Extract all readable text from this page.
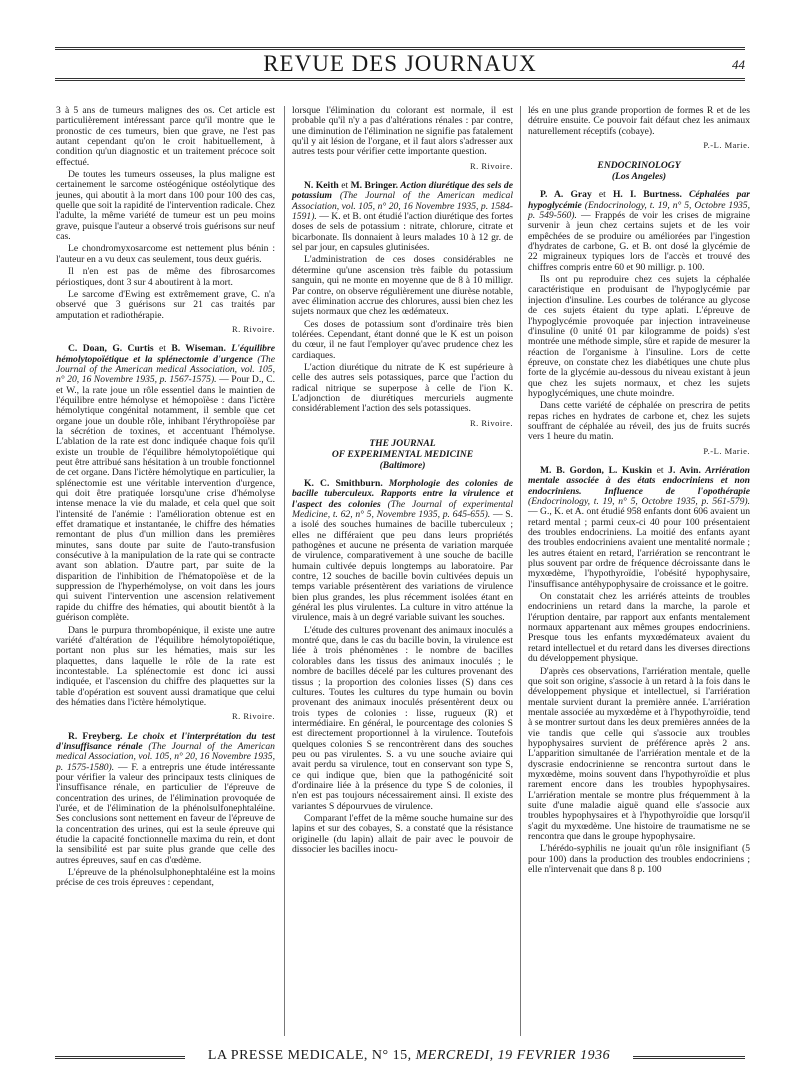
REVUE DES JOURNAUX	44

3 à 5 ans de tumeurs malignes des os. Cet article est particulièrement intéressant parce qu'il montre que le pronostic de ces tumeurs, bien que grave, ne l'est pas autant cependant qu'on le croit habituellement, à condition qu'un diagnostic et un traitement précoce soit effectué.

De toutes les tumeurs osseuses, la plus maligne est certainement le sarcome ostéogénique ostéolytique des jeunes, qui aboutit à la mort dans 100 pour 100 des cas, quelle que soit la rapidité de l'intervention radicale. Chez l'adulte, la même variété de tumeur est un peu moins grave, puisque l'auteur a observé trois guérisons sur neuf cas.

Le chondromyxosarcome est nettement plus bénin : l'auteur en a vu deux cas seulement, tous deux guéris.

Il n'en est pas de même des fibrosarcomes périostiques, dont 3 sur 4 aboutirent à la mort.

Le sarcome d'Ewing est extrêmement grave, C. n'a observé que 3 guérisons sur 21 cas traités par amputation et radiothérapie.

R. Rivoire.

C. Doan, G. Curtis et B. Wiseman. L'équilibre hémolytopoïétique et la splénectomie d'urgence (The Journal of the American medical Association, vol. 105, n° 20, 16 Novembre 1935, p. 1567-1575). — Pour D., C. et W., la rate joue un rôle essentiel dans le maintien de l'équilibre entre hémolyse et hémopoïèse : dans l'ictère hémolytique congénital notamment, il semble que cet organe joue un double rôle, inhibant l'érythropoïèse par la sécrétion de toxines, et accentuant l'hémolyse. L'ablation de la rate est donc indiquée chaque fois qu'il existe un trouble de l'équilibre hémolytopoïétique qui peut être attribué sans hésitation à un trouble fonctionnel de cet organe. Dans l'ictère hémolytique en particulier, la splénectomie est une véritable intervention d'urgence, qui doit être pratiquée lorsqu'une crise d'hémolyse intense menace la vie du malade, et cela quel que soit l'intensité de l'anémie : l'amélioration obtenue est en effet dramatique et instantanée, le chiffre des hématies remontant de plus d'un million dans les premières minutes, sans doute par suite de l'auto-transfusion consécutive à la manipulation de la rate qui se contracte avant son ablation. D'autre part, par suite de la disparition de l'inhibition de l'hématopoïèse et de la suppression de l'hyperhémolyse, on voit dans les jours qui suivent l'intervention une ascension relativement rapide du chiffre des hématies, qui aboutit bientôt à la guérison complète.

Dans le purpura thrombopénique, il existe une autre variété d'altération de l'équilibre hémolytopoïétique, portant non plus sur les hématies, mais sur les plaquettes, dans laquelle le rôle de la rate est incontestable. La splénectomie est donc ici aussi indiquée, et l'ascension du chiffre des plaquettes sur la table d'opération est souvent aussi dramatique que celui des hématies dans l'ictère hémolytique.

R. Rivoire.

R. Freyberg. Le choix et l'interprétation du test d'insuffisance rénale (The Journal of the American medical Association, vol. 105, n° 20, 16 Novembre 1935, p. 1575-1580). — F. a entrepris une étude intéressante pour vérifier la valeur des principaux tests cliniques de l'insuffisance rénale, en particulier de l'épreuve de concentration des urines, de l'élimination provoquée de l'urée, et de l'élimination de la phénolsulfonephtaléine. Ses conclusions sont nettement en faveur de l'épreuve de la concentration des urines, qui est la seule épreuve qui étudie la capacité fonctionnelle maxima du rein, et dont la sensibilité est par suite plus grande que celle des autres épreuves, sauf en cas d'œdème.

L'épreuve de la phénolsulphonephtaléine est la moins précise de ces trois épreuves : cependant,

lorsque l'élimination du colorant est normale, il est probable qu'il n'y a pas d'altérations rénales : par contre, une diminution de l'élimination ne signifie pas fatalement qu'il y ait lésion de l'organe, et il faut alors s'adresser aux autres tests pour vérifier cette importante question.

R. Rivoire.

N. Keith et M. Bringer. Action diurétique des sels de potassium (The Journal of the American medical Association, vol. 105, n° 20, 16 Novembre 1935, p. 1584-1591). — K. et B. ont étudié l'action diurétique des fortes doses de sels de potassium : nitrate, chlorure, citrate et bicarbonate. Ils donnaient à leurs malades 10 à 12 gr. de sel par jour, en capsules glutinisées.

L'administration de ces doses considérables ne détermine qu'une ascension très faible du potassium sanguin, qui ne monte en moyenne que de 8 à 10 milligr. Par contre, on observe régulièrement une diurèse notable, avec élimination accrue des chlorures, aussi bien chez les sujets normaux que chez les œdémateux.

Ces doses de potassium sont d'ordinaire très bien tolérées. Cependant, étant donné que le K est un poison du cœur, il ne faut l'employer qu'avec prudence chez les cardiaques.

L'action diurétique du nitrate de K est supérieure à celle des autres sels potassiques, parce que l'action du radical nitrique se superpose à celle de l'ion K. L'adjonction de diurétiques mercuriels augmente considérablement l'action des sels potassiques.

R. Rivoire.
THE JOURNAL
OF EXPERIMENTAL MEDICINE
(Baltimore)

K. C. Smithburn. Morphologie des colonies de bacille tuberculeux. Rapports entre la virulence et l'aspect des colonies (The Journal of experimental Medicine, t. 62, n° 5, Novembre 1935, p. 645-655). — S. a isolé des souches humaines de bacille tuberculeux ; elles ne différaient que peu dans leurs propriétés pathogènes et aucune ne présenta de variation marquée de virulence, comparativement à une souche de bacille humain cultivée depuis longtemps au laboratoire. Par contre, 12 souches de bacille bovin cultivées depuis un temps variable présentèrent des variations de virulence bien plus grandes, les plus récemment isolées étant en général les plus virulentes. La culture in vitro atténue la virulence, mais à un degré variable suivant les souches.

L'étude des cultures provenant des animaux inoculés a montré que, dans le cas du bacille bovin, la virulence est liée à trois phénomènes : le nombre de bacilles colorables dans les tissus des animaux inoculés ; le nombre de bacilles décelé par les cultures provenant des tissus ; la proportion des colonies lisses (S) dans ces cultures. Toutes les cultures du type humain ou bovin provenant des animaux inoculés présentèrent deux ou trois types de colonies : lisse, rugueux (R) et intermédiaire. En général, le pourcentage des colonies S est directement proportionnel à la virulence. Toutefois quelques colonies S se rencontrèrent dans des souches peu ou pas virulentes. S. a vu une souche aviaire qui avait perdu sa virulence, tout en conservant son type S, ce qui indique que, bien que la pathogénicité soit d'ordinaire liée à la présence du type S de colonies, il n'en est pas toujours nécessairement ainsi. Il existe des variantes S dépourvues de virulence.

Comparant l'effet de la même souche humaine sur des lapins et sur des cobayes, S. a constaté que la résistance originelle (du lapin) allait de pair avec le pouvoir de dissocier les bacilles inocu-

lés en une plus grande proportion de formes R et de les détruire ensuite. Ce pouvoir fait défaut chez les animaux naturellement réceptifs (cobaye).

P.-L. Marie.
ENDOCRINOLOGY
(Los Angeles)

P. A. Gray et H. I. Burtness. Céphalées par hypoglycémie (Endocrinology, t. 19, n° 5, Octobre 1935, p. 549-560). — Frappés de voir les crises de migraine survenir à jeun chez certains sujets et de les voir empêchées de se produire ou améliorées par l'ingestion d'hydrates de carbone, G. et B. ont dosé la glycémie de 22 migraineux typiques lors de l'accès et trouvé des chiffres compris entre 60 et 90 milligr. p. 100.

Ils ont pu reproduire chez ces sujets la céphalée caractéristique en produisant de l'hypoglycémie par injection d'insuline. Les courbes de tolérance au glycose de ces sujets étaient du type aplati. L'épreuve de l'hypoglycémie provoquée par injection intraveineuse d'insuline (0 unité 01 par kilogramme de poids) s'est montrée une méthode simple, sûre et rapide de mesurer la réaction de l'organisme à l'insuline. Lors de cette épreuve, on constate chez les diabétiques une chute plus forte de la glycémie au-dessous du niveau existant à jeun que chez les sujets normaux, et chez les sujets hypoglycémiques, une chute moindre.

Dans cette variété de céphalée on prescrira de petits repas riches en hydrates de carbone et, chez les sujets souffrant de céphalée au réveil, des jus de fruits sucrés vers 1 heure du matin.

P.-L. Marie.

M. B. Gordon, L. Kuskin et J. Avin. Arriération mentale associée à des états endocriniens et non endocriniens. Influence de l'opothérapie (Endocrinology, t. 19, n° 5, Octobre 1935, p. 561-579). — G., K. et A. ont étudié 958 enfants dont 606 avaient un retard mental ; parmi ceux-ci 40 pour 100 présentaient des troubles endocriniens. La moitié des enfants ayant des troubles endocriniens avaient une mentalité normale ; les autres étaient en retard, l'arriération se rencontrant le plus souvent par ordre de fréquence décroissante dans le myxœdème, l'hypothyroïdie, l'obésité hypophysaire, l'insuffisance antéhypophysaire de croissance et le goitre.

On constatait chez les arriérés atteints de troubles endocriniens un retard dans la marche, la parole et l'éruption dentaire, par rapport aux enfants mentalement normaux appartenant aux mêmes groupes endocriniens. Presque tous les enfants myxœdémateux avaient du retard intellectuel et du retard dans les diverses directions du développement physique.

D'après ces observations, l'arriération mentale, quelle que soit son origine, s'associe à un retard à la fois dans le développement physique et intellectuel, si l'arriération mentale survient durant la première année. L'arriération mentale associée au myxœdème et à l'hypothyroïdie, tend à se montrer surtout dans les deux premières années de la vie tandis que celle qui s'associe aux troubles hypophysaires survient de préférence après 2 ans. L'apparition simultanée de l'arriération mentale et de la dyscrasie endocrinienne se rencontra surtout dans le myxœdème, moins souvent dans l'hypothyroïdie et plus rarement encore dans les troubles hypophysaires. L'arriération mentale se montre plus fréquemment à la suite d'une maladie aiguë quand elle s'associe aux troubles hypophysaires et à l'hypothyroïdie que lorsqu'il s'agit du myxœdème. Une histoire de traumatisme ne se rencontra que dans le groupe hypophysaire.

L'hérédo-syphilis ne jouait qu'un rôle insignifiant (5 pour 100) dans la production des troubles endocriniens ; elle n'intervenait que dans 8 p. 100

LA PRESSE MEDICALE, N° 15, MERCREDI, 19 FEVRIER 1936
